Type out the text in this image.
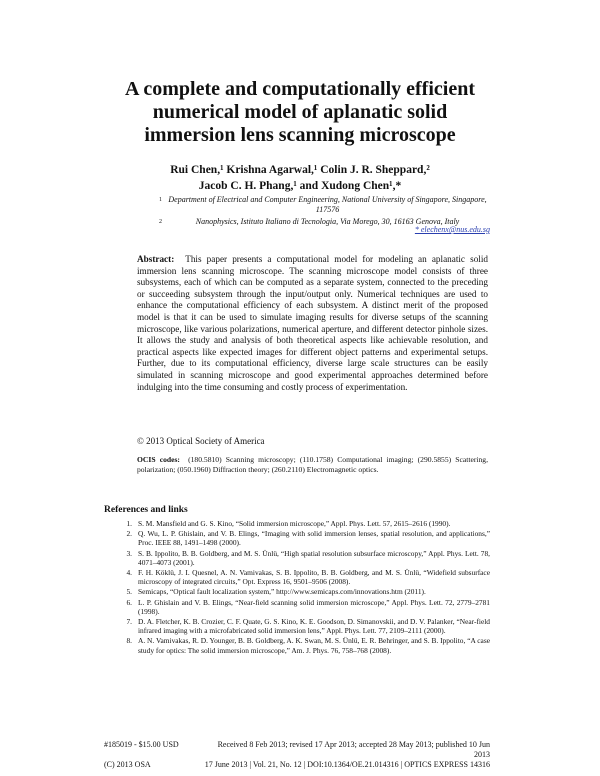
A complete and computationally efficient
numerical model of aplanatic solid
immersion lens scanning microscope
Rui Chen,¹ Krishna Agarwal,¹ Colin J. R. Sheppard,²
Jacob C. H. Phang,¹ and Xudong Chen¹,*
1 Department of Electrical and Computer Engineering, National University of Singapore, Singapore, 117576
2	Nanophysics, Istituto Italiano di Tecnologia, Via Morego, 30, 16163 Genova, Italy
* elechenx@nus.edu.sg
Abstract: This paper presents a computational model for modeling an aplanatic solid immersion lens scanning microscope. The scanning microscope model consists of three subsystems, each of which can be computed as a separate system, connected to the preceding or succeeding subsystem through the input/output only. Numerical techniques are used to enhance the computational efficiency of each subsystem. A distinct merit of the proposed model is that it can be used to simulate imaging results for diverse setups of the scanning microscope, like various polarizations, numerical aperture, and different detector pinhole sizes. It allows the study and analysis of both theoretical aspects like achievable resolution, and practical aspects like expected images for different object patterns and experimental setups. Further, due to its computational efficiency, diverse large scale structures can be easily simulated in scanning microscope and good experimental approaches determined before indulging into the time consuming and costly process of experimentation.
© 2013 Optical Society of America
OCIS codes: (180.5810) Scanning microscopy; (110.1758) Computational imaging; (290.5855) Scattering, polarization; (050.1960) Diffraction theory; (260.2110) Electromagnetic optics.
References and links
1. S. M. Mansfield and G. S. Kino, “Solid immersion microscope,” Appl. Phys. Lett. 57, 2615–2616 (1990).
2. Q. Wu, L. P. Ghislain, and V. B. Elings, “Imaging with solid immersion lenses, spatial resolution, and applications,” Proc. IEEE 88, 1491–1498 (2000).
3. S. B. Ippolito, B. B. Goldberg, and M. S. Ünlü, “High spatial resolution subsurface microscopy,” Appl. Phys. Lett. 78, 4071–4073 (2001).
4. F. H. Köklü, J. I. Quesnel, A. N. Vamivakas, S. B. Ippolito, B. B. Goldberg, and M. S. Ünlü, “Widefield subsurface microscopy of integrated circuits,” Opt. Express 16, 9501–9506 (2008).
5. Semicaps, “Optical fault localization system,” http://www.semicaps.com/innovations.htm (2011).
6. L. P. Ghislain and V. B. Elings, “Near-field scanning solid immersion microscope,” Appl. Phys. Lett. 72, 2779–2781 (1998).
7. D. A. Fletcher, K. B. Crozier, C. F. Quate, G. S. Kino, K. E. Goodson, D. Simanovskii, and D. V. Palanker, “Near-field infrared imaging with a microfabricated solid immersion lens,” Appl. Phys. Lett. 77, 2109–2111 (2000).
8. A. N. Vamivakas, R. D. Younger, B. B. Goldberg, A. K. Swan, M. S. Ünlü, E. R. Behringer, and S. B. Ippolito, “A case study for optics: The solid immersion microscope,” Am. J. Phys. 76, 758–768 (2008).
#185019 - $15.00 USD	Received 8 Feb 2013; revised 17 Apr 2013; accepted 28 May 2013; published 10 Jun 2013
(C) 2013 OSA	17 June 2013 | Vol. 21, No. 12 | DOI:10.1364/OE.21.014316 | OPTICS EXPRESS 14316
